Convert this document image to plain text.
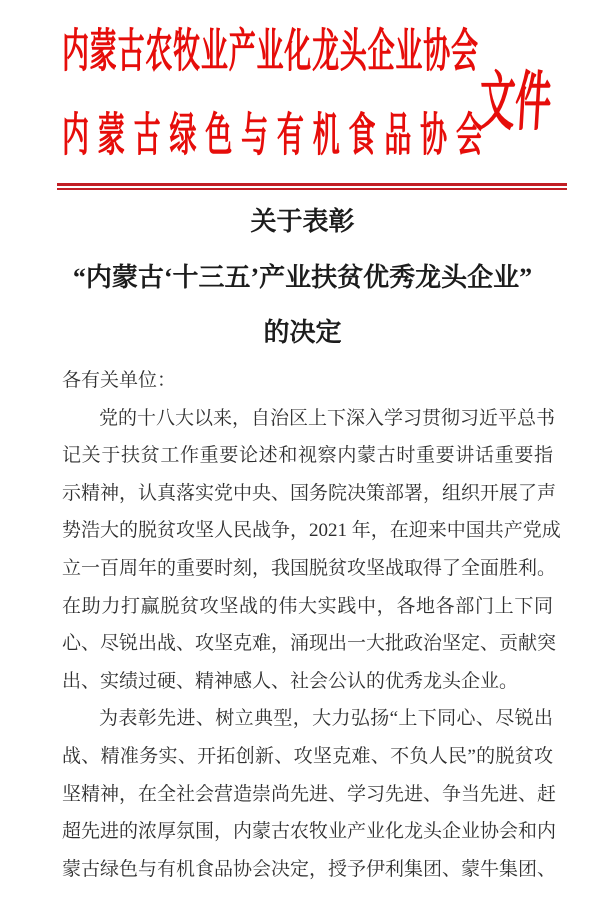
内蒙古农牧业产业化龙头企业协会
内蒙古绿色与有机食品协会
文件
关于表彰
“内蒙古‘十三五’产业扶贫优秀龙头企业”
的决定
各有关单位：
党的十八大以来，自治区上下深入学习贯彻习近平总书
记关于扶贫工作重要论述和视察内蒙古时重要讲话重要指
示精神，认真落实党中央、国务院决策部署，组织开展了声
势浩大的脱贫攻坚人民战争，2021 年，在迎来中国共产党成
立一百周年的重要时刻，我国脱贫攻坚战取得了全面胜利。
在助力打赢脱贫攻坚战的伟大实践中，各地各部门上下同
心、尽锐出战、攻坚克难，涌现出一大批政治坚定、贡献突
出、实绩过硬、精神感人、社会公认的优秀龙头企业。
为表彰先进、树立典型，大力弘扬“上下同心、尽锐出
战、精准务实、开拓创新、攻坚克难、不负人民”的脱贫攻
坚精神，在全社会营造崇尚先进、学习先进、争当先进、赶
超先进的浓厚氛围，内蒙古农牧业产业化龙头企业协会和内
蒙古绿色与有机食品协会决定，授予伊利集团、蒙牛集团、
